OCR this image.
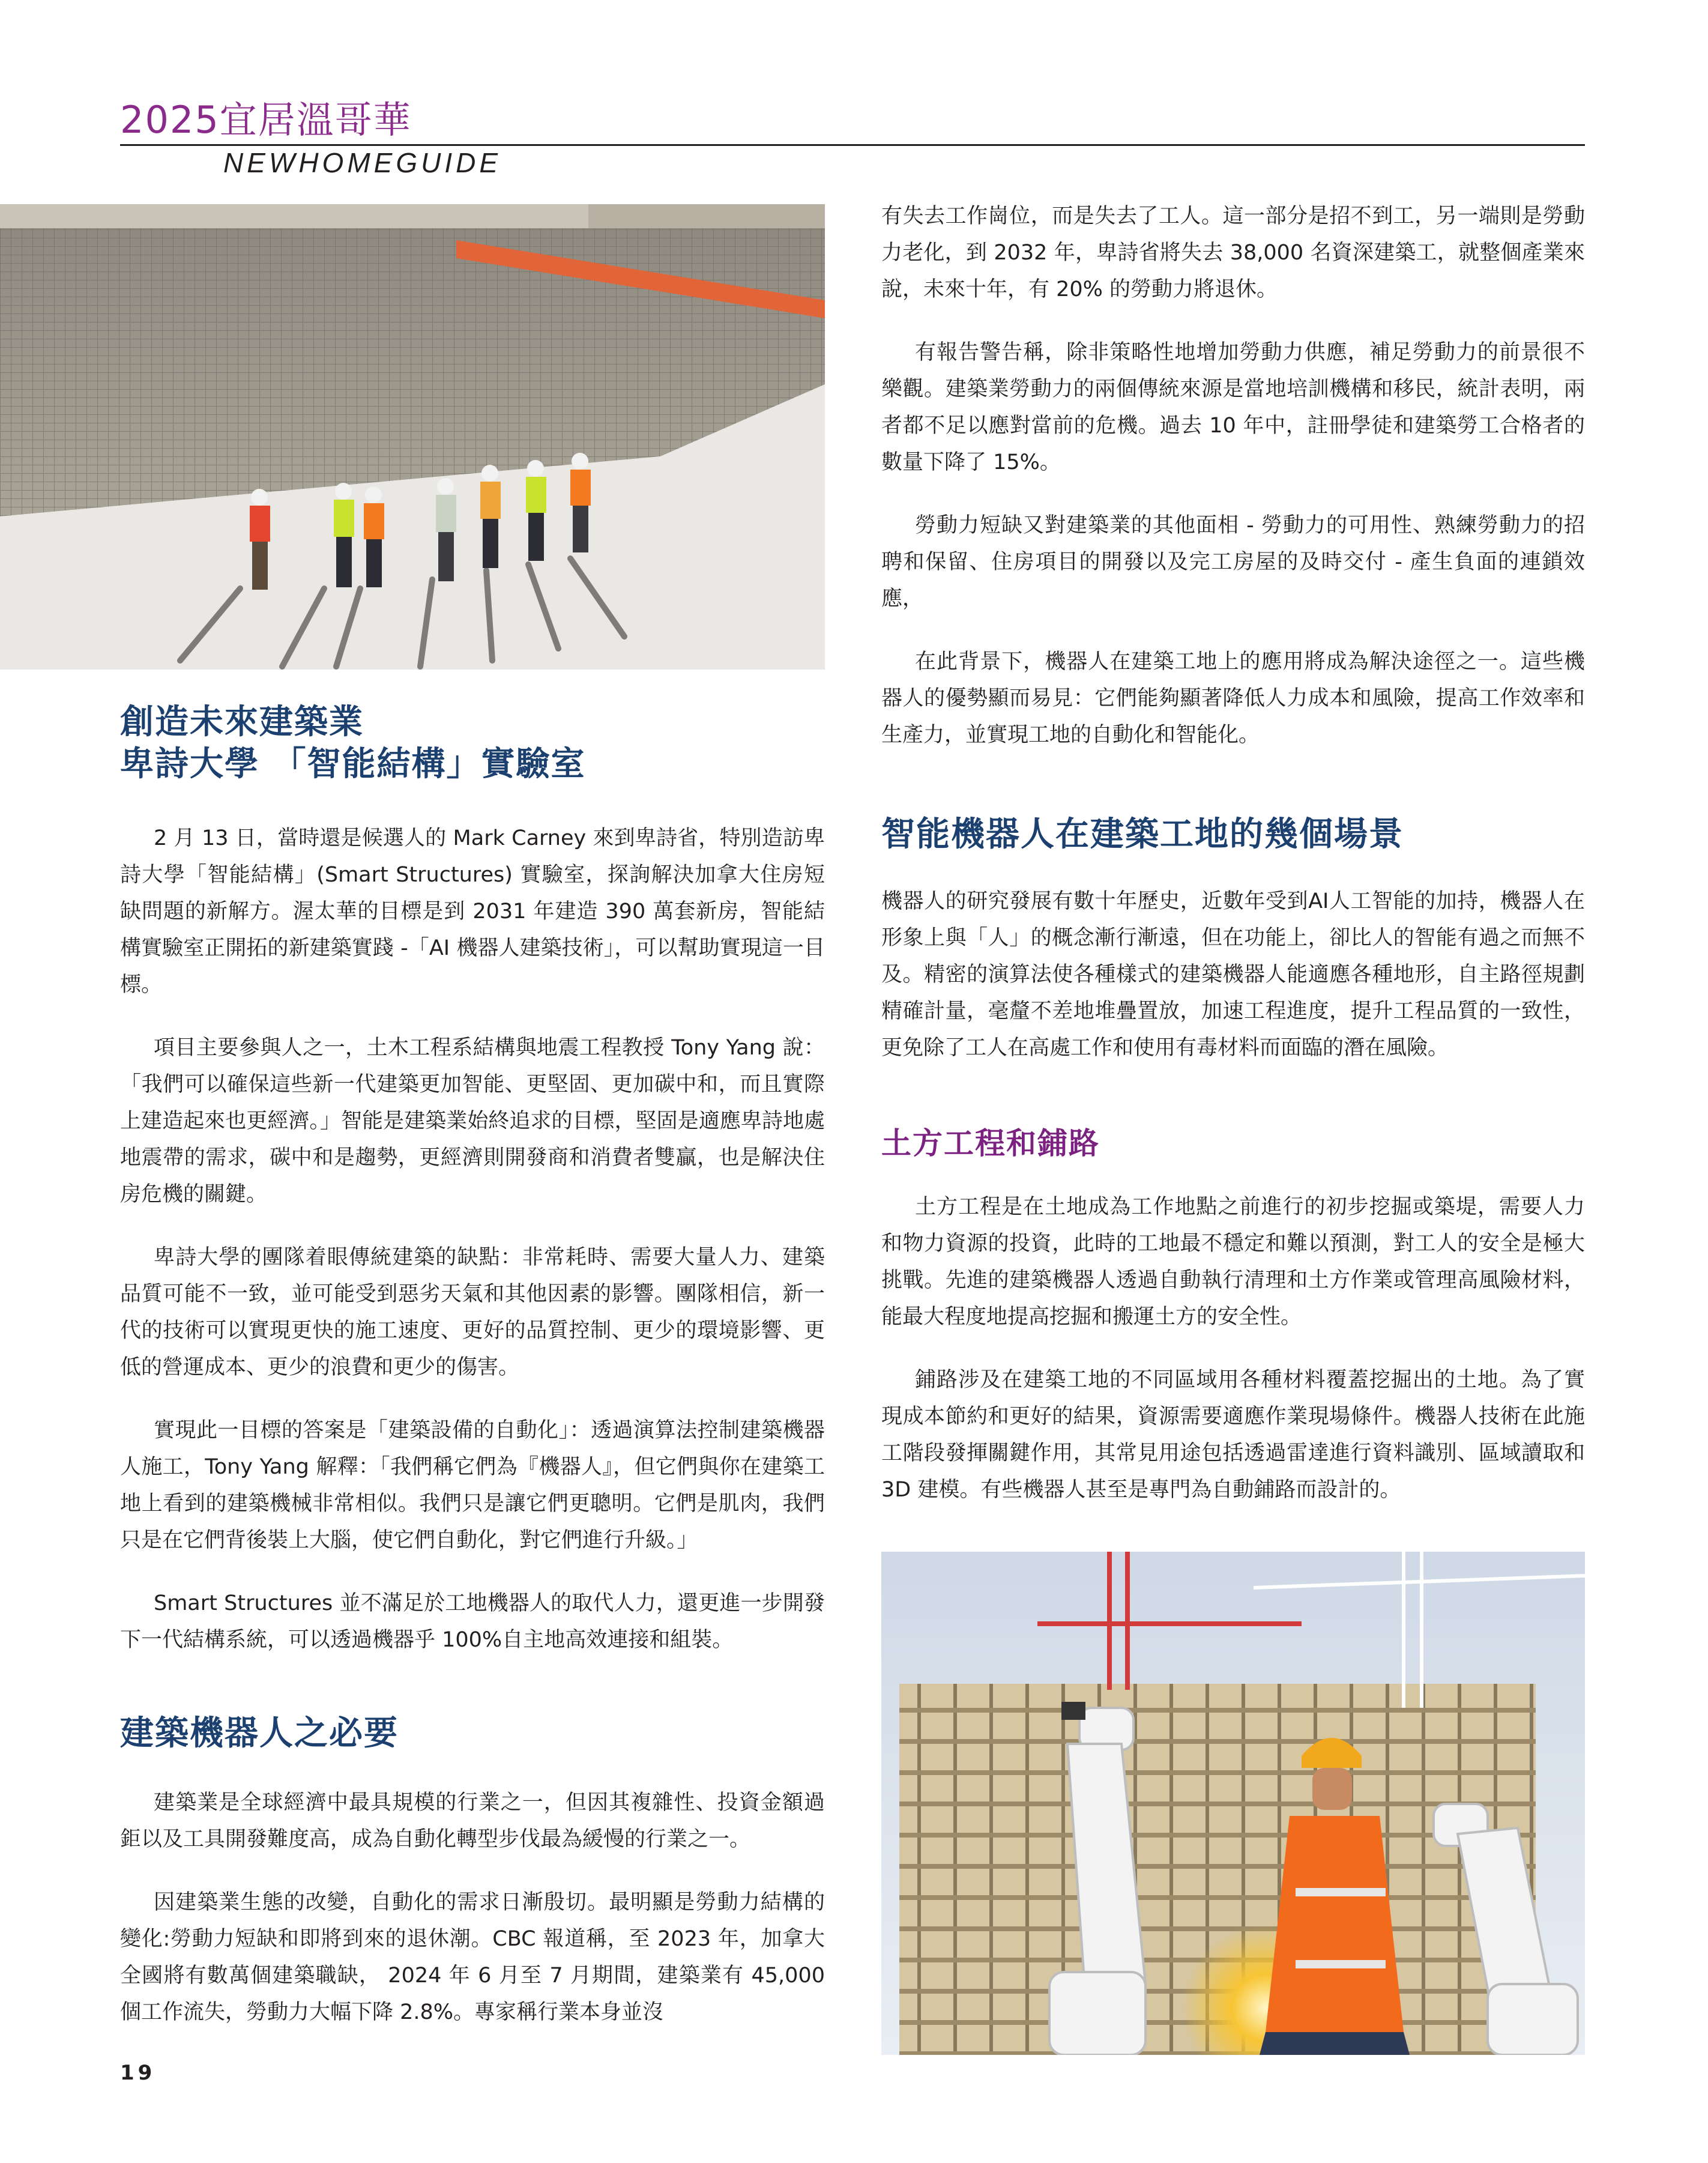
2025宜居溫哥華
NEWHOMEGUIDE
創造未來建築業
卑詩大學 「智能結構」實驗室

2 月 13 日，當時還是候選人的 Mark Carney 來到卑詩省，特別造訪卑詩大學「智能結構」(Smart Structures) 實驗室，探詢解決加拿大住房短缺問題的新解方。渥太華的目標是到 2031 年建造 390 萬套新房，智能結構實驗室正開拓的新建築實踐 -「AI 機器人建築技術」，可以幫助實現這一目標。

項目主要參與人之一，土木工程系結構與地震工程教授 Tony Yang 說：「我們可以確保這些新一代建築更加智能、更堅固、更加碳中和，而且實際上建造起來也更經濟。」智能是建築業始終追求的目標，堅固是適應卑詩地處地震帶的需求，碳中和是趨勢，更經濟則開發商和消費者雙贏，也是解決住房危機的關鍵。

卑詩大學的團隊着眼傳統建築的缺點：非常耗時、需要大量人力、建築品質可能不一致，並可能受到惡劣天氣和其他因素的影響。團隊相信，新一代的技術可以實現更快的施工速度、更好的品質控制、更少的環境影響、更低的營運成本、更少的浪費和更少的傷害。

實現此一目標的答案是「建築設備的自動化」：透過演算法控制建築機器人施工，Tony Yang 解釋：「我們稱它們為『機器人』，但它們與你在建築工地上看到的建築機械非常相似。我們只是讓它們更聰明。它們是肌肉，我們只是在它們背後裝上大腦，使它們自動化，對它們進行升級。」

Smart Structures 並不滿足於工地機器人的取代人力，還更進一步開發下一代結構系統，可以透過機器乎 100%自主地高效連接和組裝。

建築機器人之必要

建築業是全球經濟中最具規模的行業之一，但因其複雜性、投資金額過鉅以及工具開發難度高，成為自動化轉型步伐最為緩慢的行業之一。

因建築業生態的改變，自動化的需求日漸殷切。最明顯是勞動力結構的變化:勞動力短缺和即將到來的退休潮。CBC 報道稱，至 2023 年，加拿大全國將有數萬個建築職缺， 2024 年 6 月至 7 月期間，建築業有 45,000 個工作流失，勞動力大幅下降 2.8%。專家稱行業本身並沒

有失去工作崗位，而是失去了工人。這一部分是招不到工，另一端則是勞動力老化，到 2032 年，卑詩省將失去 38,000 名資深建築工，就整個產業來說，未來十年，有 20% 的勞動力將退休。

有報告警告稱，除非策略性地增加勞動力供應，補足勞動力的前景很不樂觀。建築業勞動力的兩個傳統來源是當地培訓機構和移民，統計表明，兩者都不足以應對當前的危機。過去 10 年中，註冊學徒和建築勞工合格者的數量下降了 15%。

勞動力短缺又對建築業的其他面相 - 勞動力的可用性、熟練勞動力的招聘和保留、住房項目的開發以及完工房屋的及時交付 - 產生負面的連鎖效應，

在此背景下，機器人在建築工地上的應用將成為解決途徑之一。這些機器人的優勢顯而易見：它們能夠顯著降低人力成本和風險，提高工作效率和生產力，並實現工地的自動化和智能化。

智能機器人在建築工地的幾個場景

機器人的研究發展有數十年歷史，近數年受到AI人工智能的加持，機器人在形象上與「人」的概念漸行漸遠，但在功能上，卻比人的智能有過之而無不及。精密的演算法使各種樣式的建築機器人能適應各種地形，自主路徑規劃精確計量，毫釐不差地堆疊置放，加速工程進度，提升工程品質的一致性，更免除了工人在高處工作和使用有毒材料而面臨的潛在風險。

土方工程和鋪路

土方工程是在土地成為工作地點之前進行的初步挖掘或築堤，需要人力和物力資源的投資，此時的工地最不穩定和難以預測，對工人的安全是極大挑戰。先進的建築機器人透過自動執行清理和土方作業或管理高風險材料，能最大程度地提高挖掘和搬運土方的安全性。

鋪路涉及在建築工地的不同區域用各種材料覆蓋挖掘出的土地。為了實現成本節約和更好的結果，資源需要適應作業現場條件。機器人技術在此施工階段發揮關鍵作用，其常見用途包括透過雷達進行資料識別、區域讀取和 3D 建模。有些機器人甚至是專門為自動鋪路而設計的。

19
